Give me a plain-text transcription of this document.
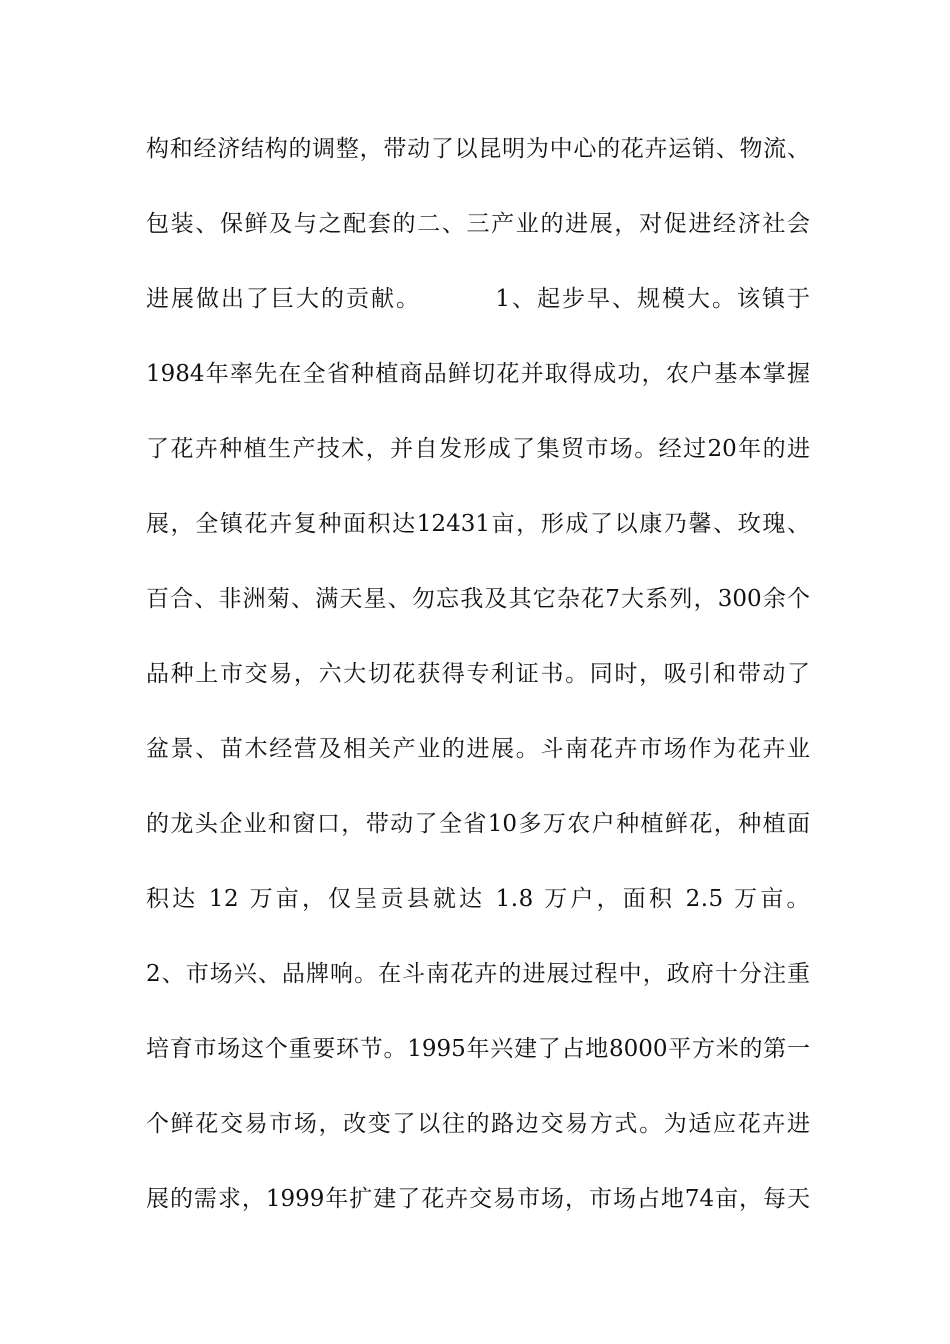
构和经济结构的调整，带动了以昆明为中心的花卉运销、物流、
包装、保鲜及与之配套的二、三产业的进展，对促进经济社会
进展做出了巨大的贡献。        1、起步早、规模大。该镇于
1984年率先在全省种植商品鲜切花并取得成功，农户基本掌握
了花卉种植生产技术，并自发形成了集贸市场。经过20年的进
展，全镇花卉复种面积达12431亩，形成了以康乃馨、玫瑰、
百合、非洲菊、满天星、勿忘我及其它杂花7大系列，300余个
品种上市交易，六大切花获得专利证书。同时，吸引和带动了
盆景、苗木经营及相关产业的进展。斗南花卉市场作为花卉业
的龙头企业和窗口，带动了全省10多万农户种植鲜花，种植面
积达 12 万亩，仅呈贡县就达 1.8 万户，面积 2.5 万亩。
2、市场兴、品牌响。在斗南花卉的进展过程中，政府十分注重
培育市场这个重要环节。1995年兴建了占地8000平方米的第一
个鲜花交易市场，改变了以往的路边交易方式。为适应花卉进
展的需求，1999年扩建了花卉交易市场，市场占地74亩，每天
